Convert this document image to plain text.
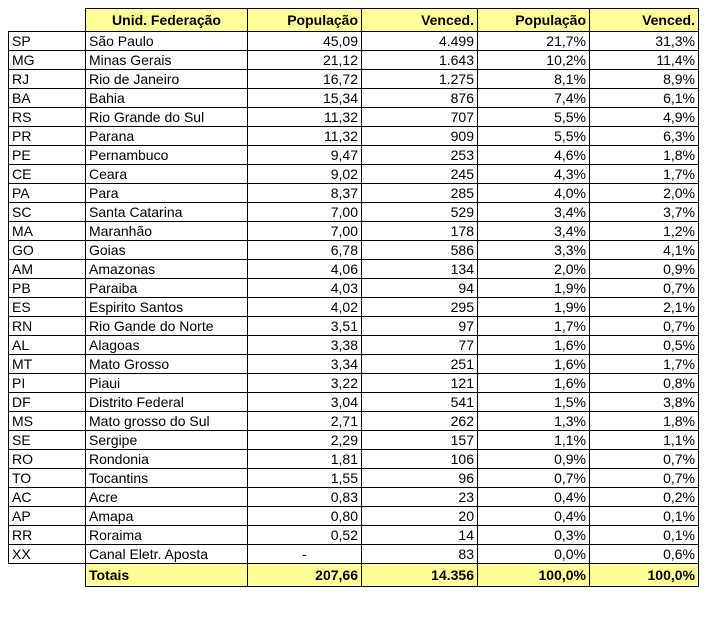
	Unid. Federação	População	Venced.	População	Venced.
SP	São Paulo	45,09	4.499	21,7%	31,3%
MG	Minas Gerais	21,12	1.643	10,2%	11,4%
RJ	Rio de Janeiro	16,72	1.275	8,1%	8,9%
BA	Bahia	15,34	876	7,4%	6,1%
RS	Rio Grande do Sul	11,32	707	5,5%	4,9%
PR	Parana	11,32	909	5,5%	6,3%
PE	Pernambuco	9,47	253	4,6%	1,8%
CE	Ceara	9,02	245	4,3%	1,7%
PA	Para	8,37	285	4,0%	2,0%
SC	Santa Catarina	7,00	529	3,4%	3,7%
MA	Maranhão	7,00	178	3,4%	1,2%
GO	Goias	6,78	586	3,3%	4,1%
AM	Amazonas	4,06	134	2,0%	0,9%
PB	Paraiba	4,03	94	1,9%	0,7%
ES	Espirito Santos	4,02	295	1,9%	2,1%
RN	Rio Gande do Norte	3,51	97	1,7%	0,7%
AL	Alagoas	3,38	77	1,6%	0,5%
MT	Mato Grosso	3,34	251	1,6%	1,7%
PI	Piaui	3,22	121	1,6%	0,8%
DF	Distrito Federal	3,04	541	1,5%	3,8%
MS	Mato grosso do Sul	2,71	262	1,3%	1,8%
SE	Sergipe	2,29	157	1,1%	1,1%
RO	Rondonia	1,81	106	0,9%	0,7%
TO	Tocantins	1,55	96	0,7%	0,7%
AC	Acre	0,83	23	0,4%	0,2%
AP	Amapa	0,80	20	0,4%	0,1%
RR	Roraima	0,52	14	0,3%	0,1%
XX	Canal Eletr. Aposta	-	83	0,0%	0,6%
	Totais	207,66	14.356	100,0%	100,0%
